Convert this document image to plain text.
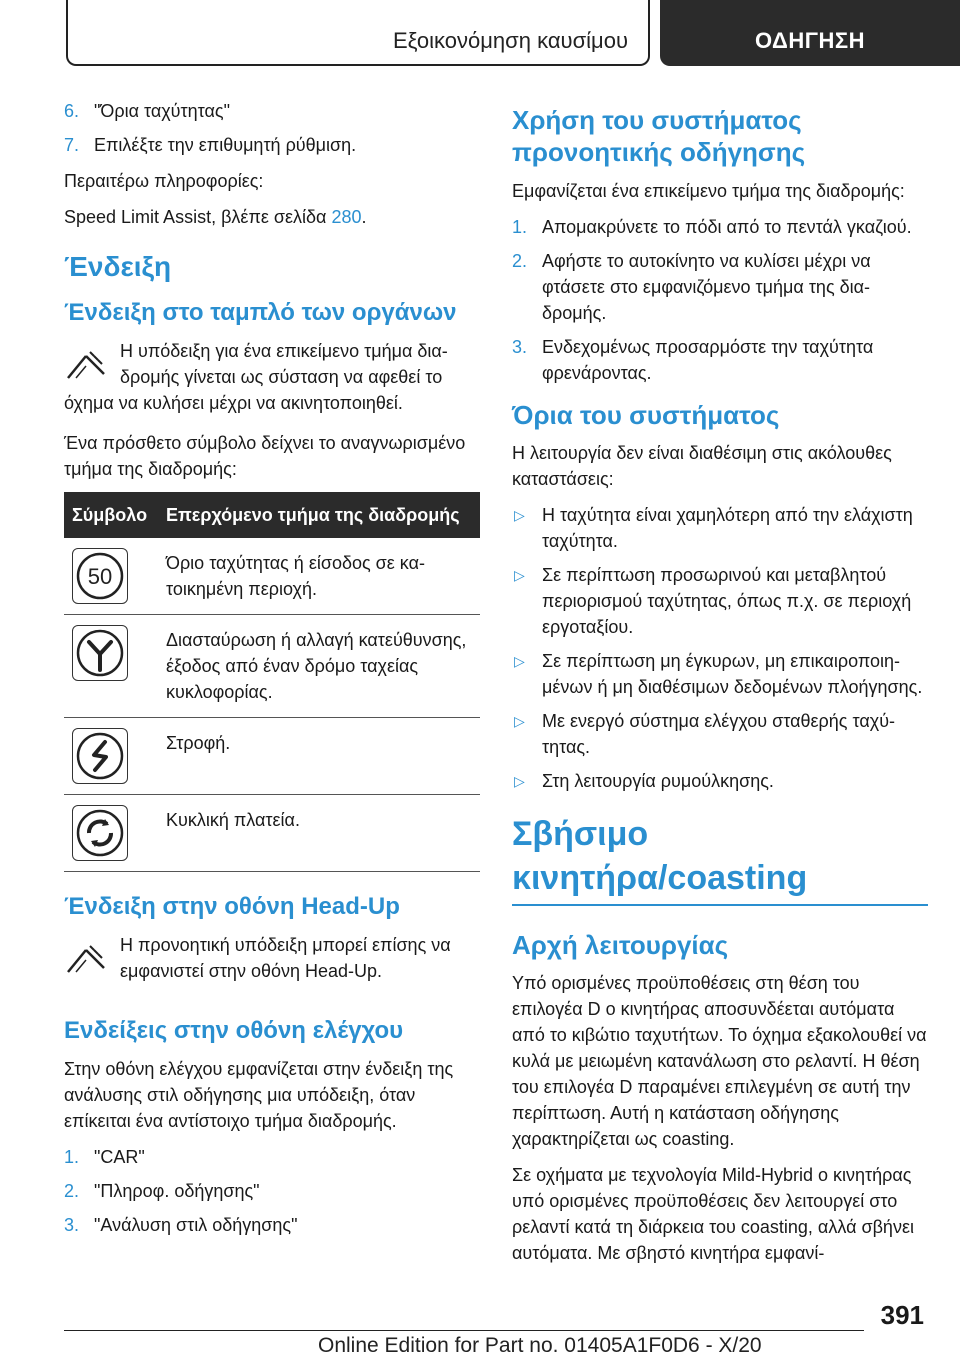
Εξοικονόμηση καυσίμου	ΟΔΗΓΗΣΗ
6. "Όρια ταχύτητας"
7. Επιλέξτε την επιθυμητή ρύθμιση.

Περαιτέρω πληροφορίες:

Speed Limit Assist, βλέπε σελίδα 280.

Ένδειξη
Ένδειξη στο ταμπλό των οργάνων

Η υπόδειξη για ένα επικείμενο τμήμα διαδρομής γίνεται ως σύσταση να αφεθεί το

όχημα να κυλήσει μέχρι να ακινητοποιηθεί.

Ένα πρόσθετο σύμβολο δείχνει το αναγνωρισμένο τμήμα της διαδρομής:

Σύμβολο	Επερχόμενο τμήμα της διαδρομής

50	Όριο ταχύτητας ή είσοδος σε κατοικημένη περιοχή.

	Διασταύρωση ή αλλαγή κατεύθυνσης, έξοδος από έναν δρόμο ταχείας κυκλοφορίας.

	Στροφή.

	Κυκλική πλατεία.
Ένδειξη στην οθόνη Head-Up

Η προνοητική υπόδειξη μπορεί επίσης να εμφανιστεί στην οθόνη Head-Up.

Ενδείξεις στην οθόνη ελέγχου

Στην οθόνη ελέγχου εμφανίζεται στην ένδειξη της ανάλυσης στιλ οδήγησης μια υπόδειξη, όταν επίκειται ένα αντίστοιχο τμήμα διαδρομής.

1. "CAR"
2. "Πληροφ. οδήγησης"
3. "Ανάλυση στιλ οδήγησης"
Χρήση του συστήματος προνοητικής οδήγησης

Εμφανίζεται ένα επικείμενο τμήμα της διαδρομής:

1. Απομακρύνετε το πόδι από το πεντάλ γκαζιού.
2. Αφήστε το αυτοκίνητο να κυλίσει μέχρι να φτάσετε στο εμφανιζόμενο τμήμα της διαδρομής.
3. Ενδεχομένως προσαρμόστε την ταχύτητα φρενάροντας.
Όρια του συστήματος

Η λειτουργία δεν είναι διαθέσιμη στις ακόλουθες καταστάσεις:

▷ Η ταχύτητα είναι χαμηλότερη από την ελάχιστη ταχύτητα.
▷ Σε περίπτωση προσωρινού και μεταβλητού περιορισμού ταχύτητας, όπως π.χ. σε περιοχή εργοταξίου.
▷ Σε περίπτωση μη έγκυρων, μη επικαιροποιημένων ή μη διαθέσιμων δεδομένων πλοήγησης.
▷ Με ενεργό σύστημα ελέγχου σταθερής ταχύτητας.
▷ Στη λειτουργία ρυμούλκησης.
Σβήσιμο κινητήρα/coasting
Αρχή λειτουργίας

Υπό ορισμένες προϋποθέσεις στη θέση του επιλογέα D ο κινητήρας αποσυνδέεται αυτόματα από το κιβώτιο ταχυτήτων. Το όχημα εξακολουθεί να κυλά με μειωμένη κατανάλωση στο ρελαντί. Η θέση του επιλογέα D παραμένει επιλεγμένη σε αυτή την περίπτωση. Αυτή η κατάσταση οδήγησης χαρακτηρίζεται ως coasting.

Σε οχήματα με τεχνολογία Mild-Hybrid ο κινητήρας υπό ορισμένες προϋποθέσεις δεν λειτουργεί στο ρελαντί κατά τη διάρκεια του coasting, αλλά σβήνει αυτόματα. Με σβηστό κινητήρα εμφανί-

391
Online Edition for Part no. 01405A1F0D6 - X/20
